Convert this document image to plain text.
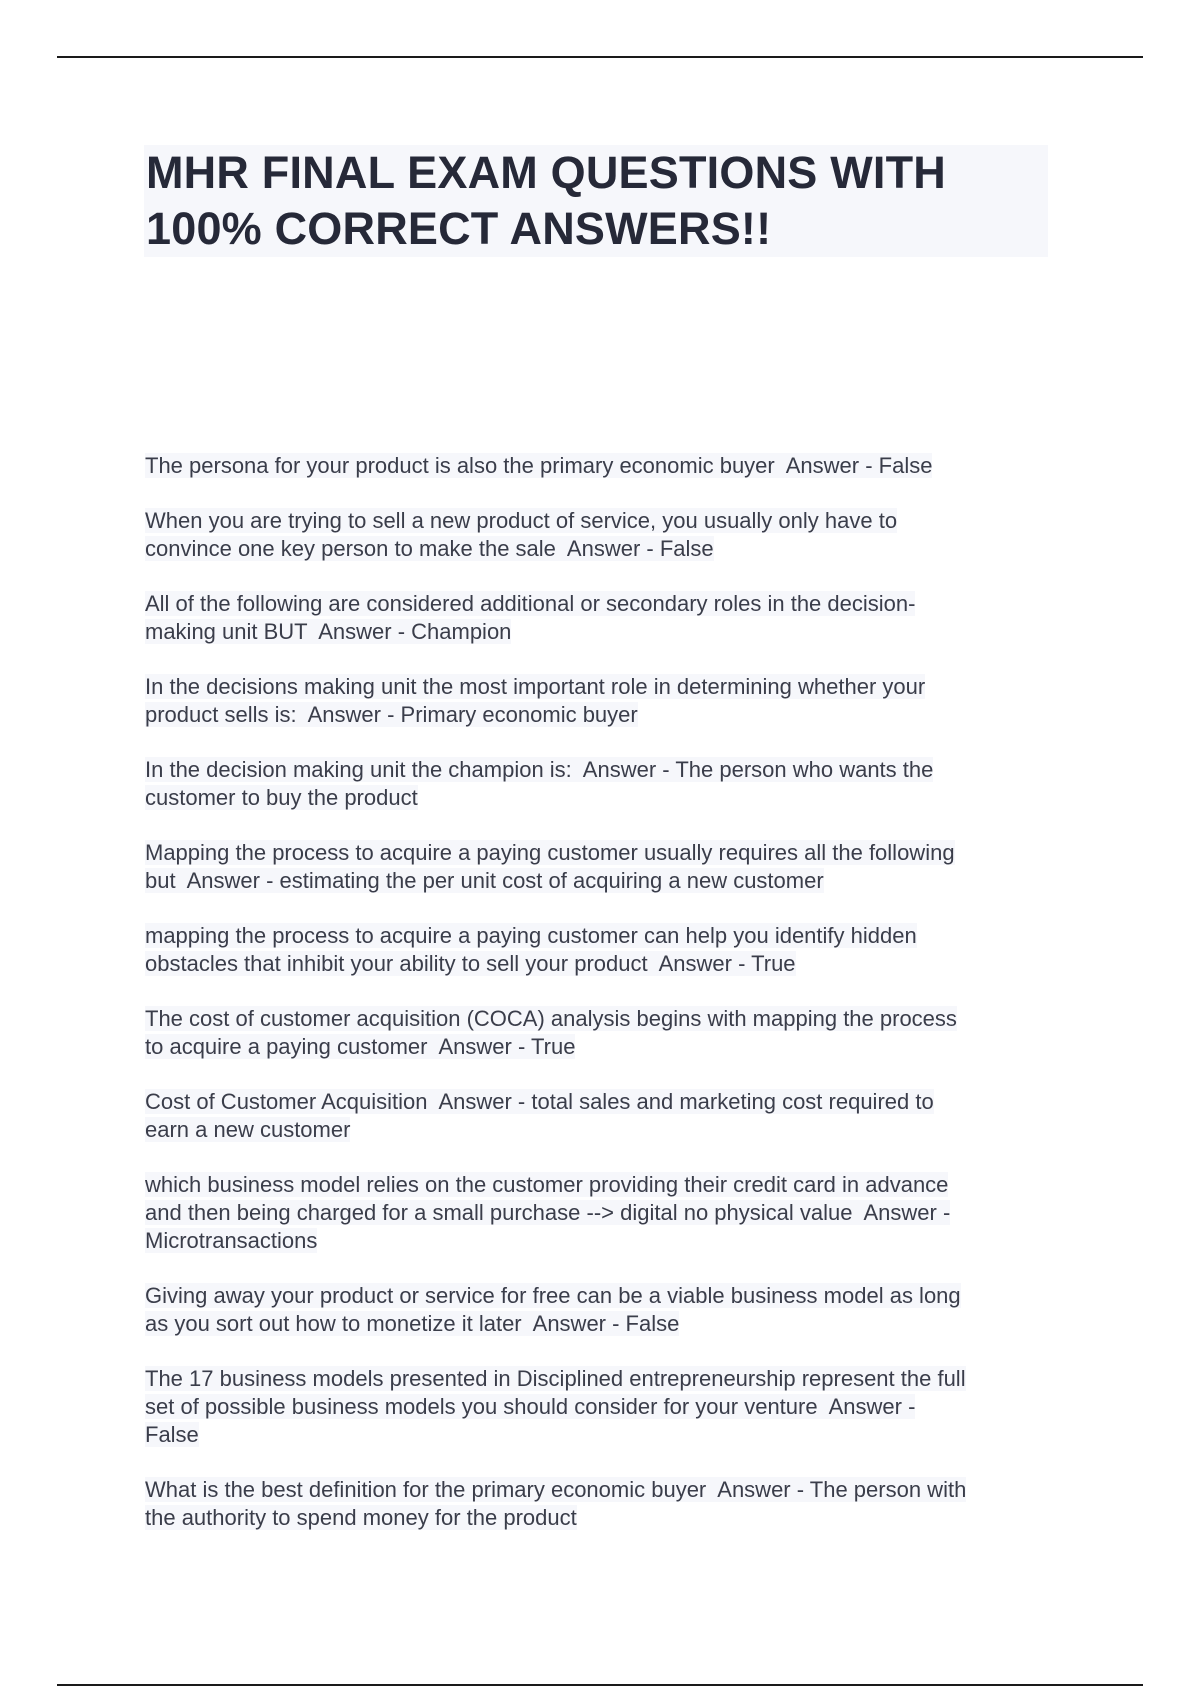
MHR FINAL EXAM QUESTIONS WITH
100% CORRECT ANSWERS!!
The persona for your product is also the primary economic buyer  Answer - False
When you are trying to sell a new product of service, you usually only have to
convince one key person to make the sale  Answer - False
All of the following are considered additional or secondary roles in the decision-
making unit BUT  Answer - Champion
In the decisions making unit the most important role in determining whether your
product sells is:  Answer - Primary economic buyer
In the decision making unit the champion is:  Answer - The person who wants the
customer to buy the product
Mapping the process to acquire a paying customer usually requires all the following
but  Answer - estimating the per unit cost of acquiring a new customer
mapping the process to acquire a paying customer can help you identify hidden
obstacles that inhibit your ability to sell your product  Answer - True
The cost of customer acquisition (COCA) analysis begins with mapping the process
to acquire a paying customer  Answer - True
Cost of Customer Acquisition  Answer - total sales and marketing cost required to
earn a new customer
which business model relies on the customer providing their credit card in advance
and then being charged for a small purchase --> digital no physical value  Answer -
Microtransactions
Giving away your product or service for free can be a viable business model as long
as you sort out how to monetize it later  Answer - False
The 17 business models presented in Disciplined entrepreneurship represent the full
set of possible business models you should consider for your venture  Answer -
False
What is the best definition for the primary economic buyer  Answer - The person with
the authority to spend money for the product
